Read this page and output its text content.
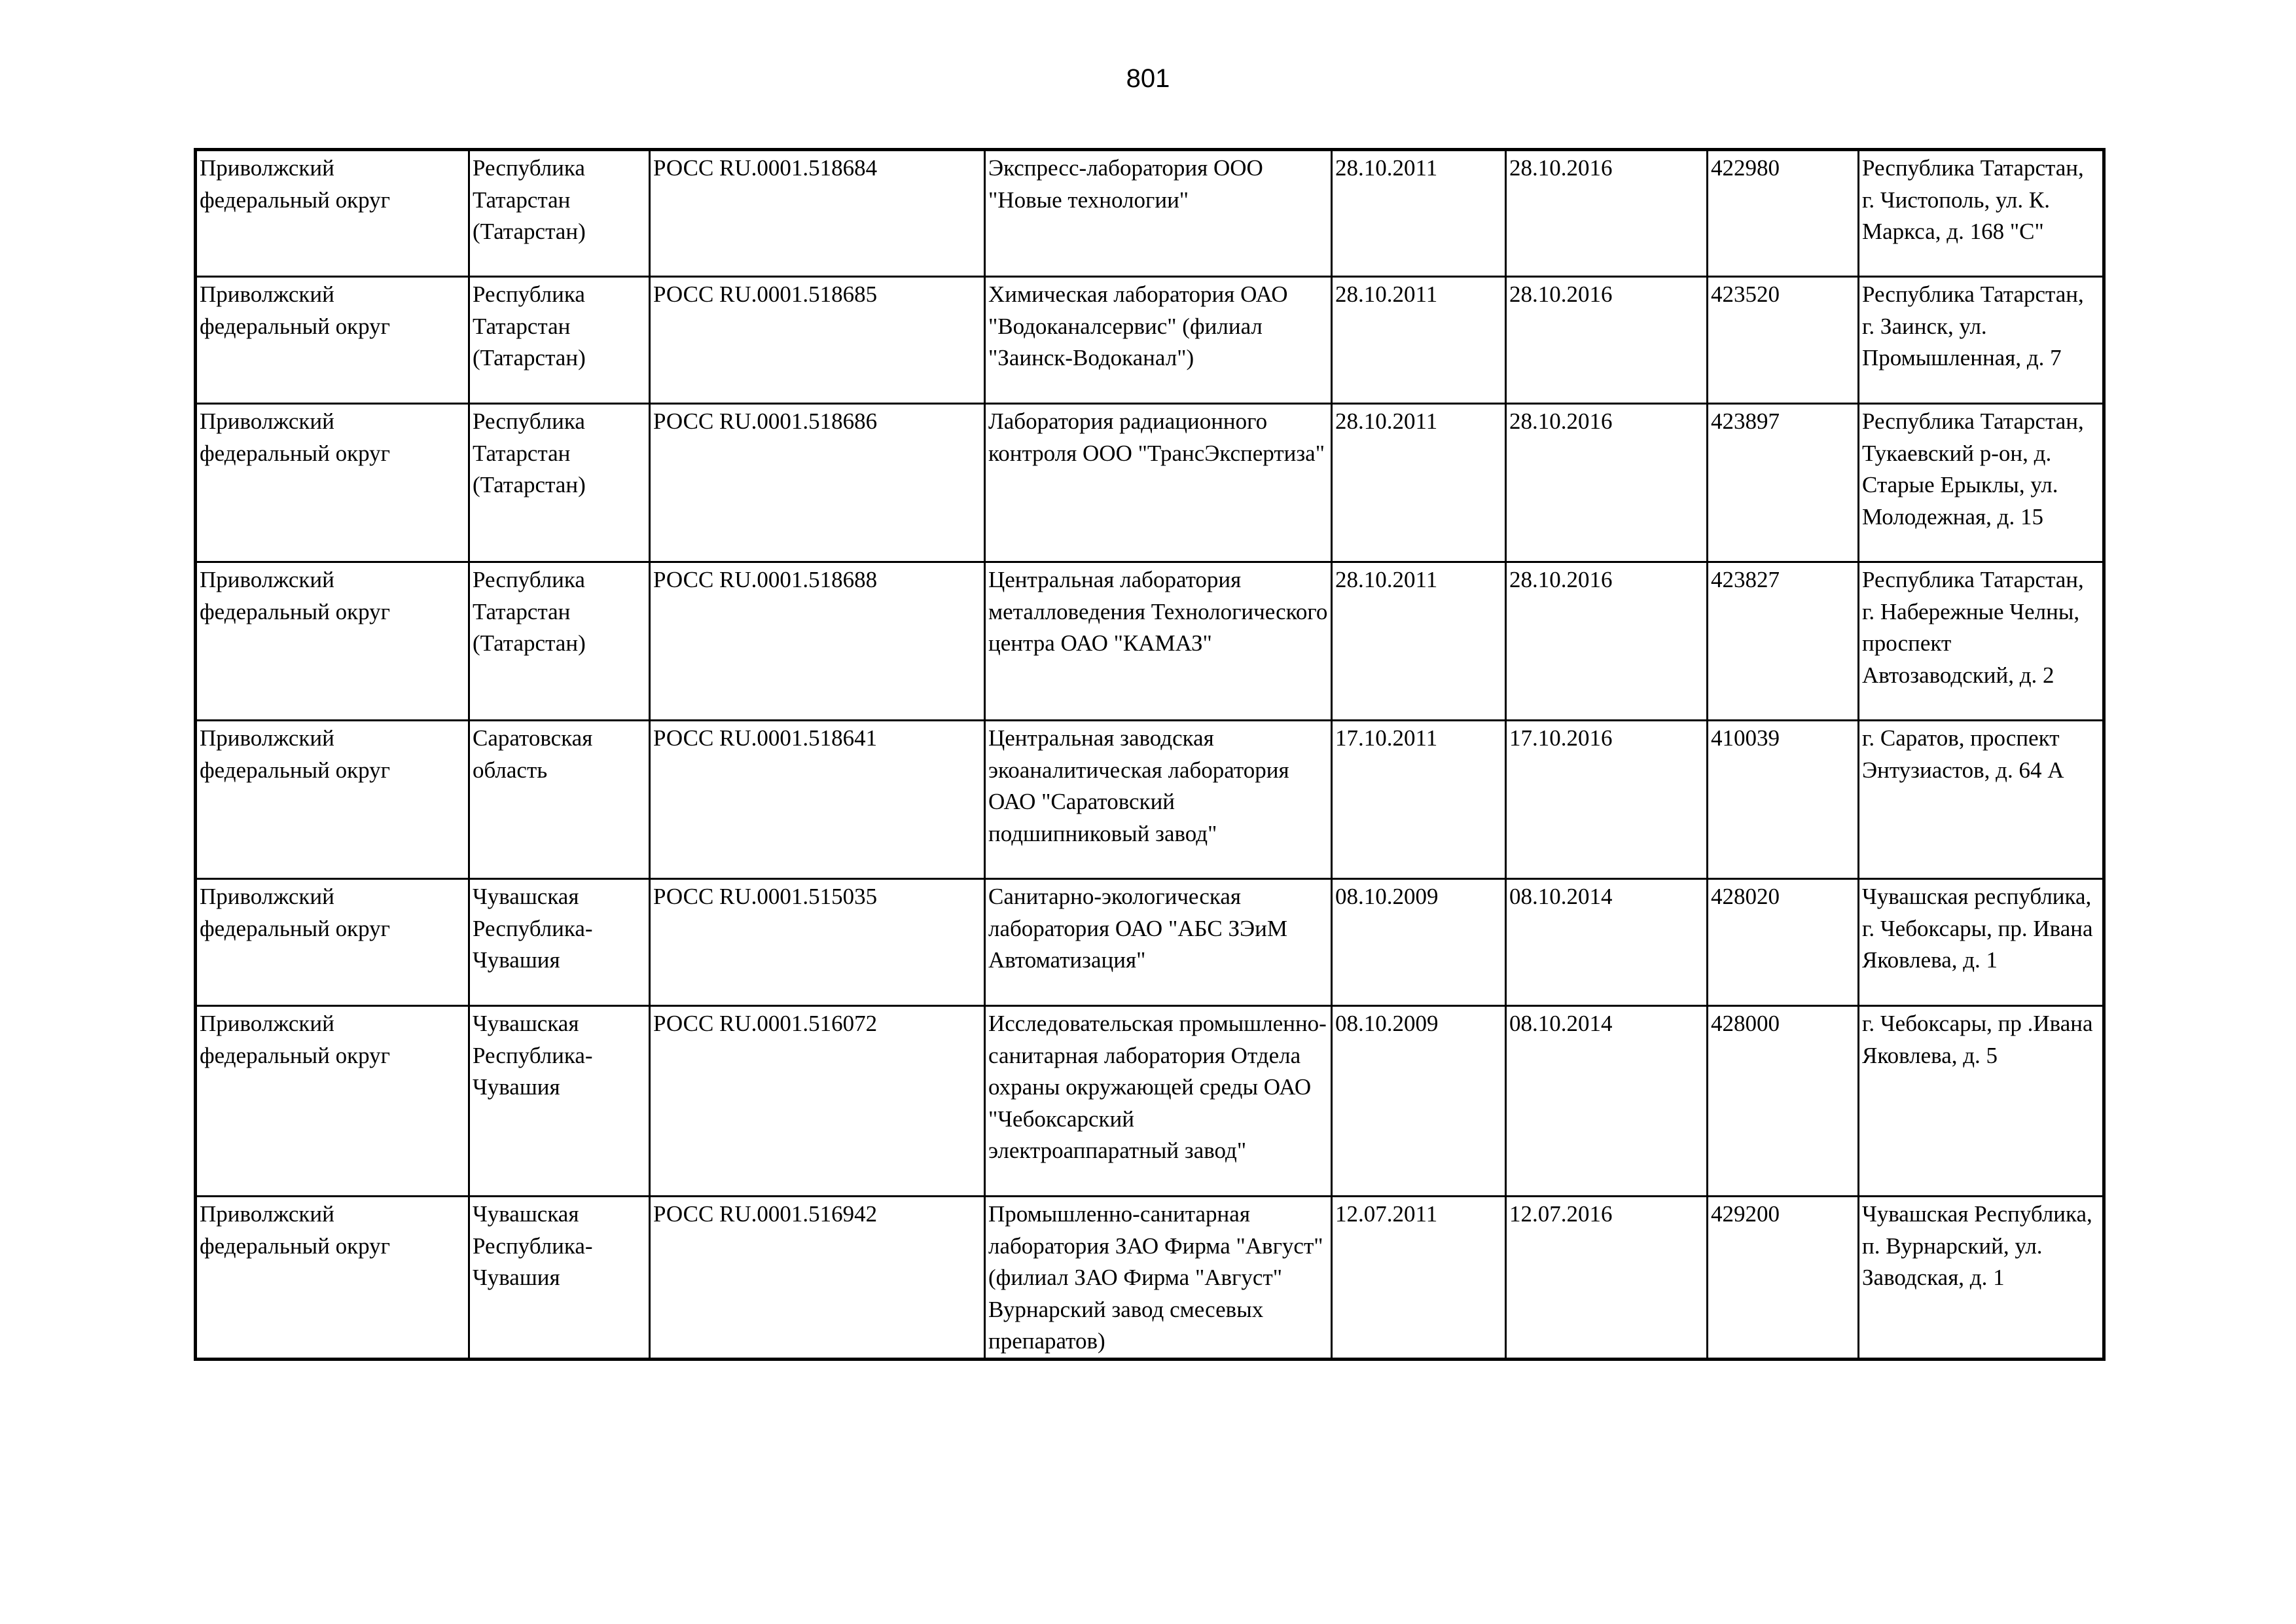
801
Приволжский федеральный округ	Республика Татарстан (Татарстан)	РОСС RU.0001.518684	Экспресс-лаборатория ООО "Новые технологии"	28.10.2011	28.10.2016	422980	Республика Татарстан, г. Чистополь, ул. К. Маркса, д. 168 "С"
Приволжский федеральный округ	Республика Татарстан (Татарстан)	РОСС RU.0001.518685	Химическая лаборатория ОАО "Водоканалсервис" (филиал "Заинск-Водоканал")	28.10.2011	28.10.2016	423520	Республика Татарстан, г. Заинск, ул. Промышленная, д. 7
Приволжский федеральный округ	Республика Татарстан (Татарстан)	РОСС RU.0001.518686	Лаборатория радиационного контроля ООО "ТрансЭкспертиза"	28.10.2011	28.10.2016	423897	Республика Татарстан, Тукаевский р-он, д. Старые Ерыклы, ул. Молодежная, д. 15
Приволжский федеральный округ	Республика Татарстан (Татарстан)	РОСС RU.0001.518688	Центральная лаборатория металловедения Технологического центра ОАО "КАМАЗ"	28.10.2011	28.10.2016	423827	Республика Татарстан, г. Набережные Челны, проспект Автозаводский, д. 2
Приволжский федеральный округ	Саратовская область	РОСС RU.0001.518641	Центральная заводская экоаналитическая лаборатория ОАО "Саратовский подшипниковый завод"	17.10.2011	17.10.2016	410039	г. Саратов, проспект Энтузиастов, д. 64 А
Приволжский федеральный округ	Чувашская Республика-Чувашия	РОСС RU.0001.515035	Санитарно-экологическая лаборатория ОАО "АБС ЗЭиМ Автоматизация"	08.10.2009	08.10.2014	428020	Чувашская республика, г. Чебоксары, пр. Ивана Яковлева, д. 1
Приволжский федеральный округ	Чувашская Республика-Чувашия	РОСС RU.0001.516072	Исследовательская промышленно-санитарная лаборатория Отдела охраны окружающей среды ОАО "Чебоксарский электроаппаратный завод"	08.10.2009	08.10.2014	428000	г. Чебоксары, пр .Ивана Яковлева, д. 5
Приволжский федеральный округ	Чувашская Республика-Чувашия	РОСС RU.0001.516942	Промышленно-санитарная лаборатория ЗАО Фирма "Август" (филиал ЗАО Фирма "Август" Вурнарский завод смесевых препаратов)	12.07.2011	12.07.2016	429200	Чувашская Республика, п. Вурнарский, ул. Заводская, д. 1
